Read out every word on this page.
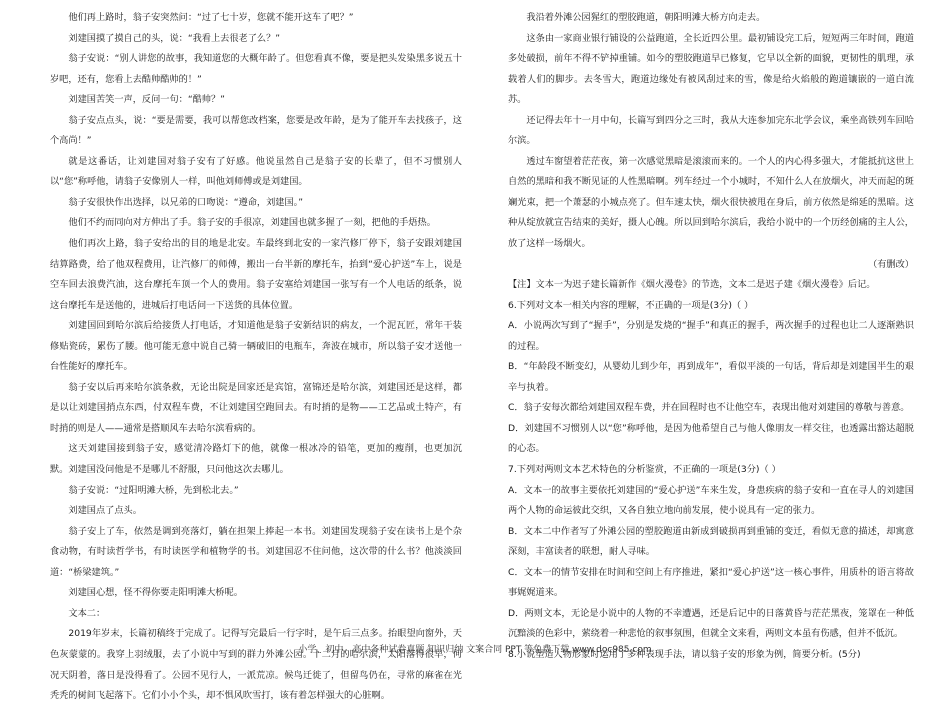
他们再上路时，翁子安突然问：“过了七十岁，您就不能开这车了吧？”

刘建国摸了摸自己的头，说：“我看上去很老了么？”

翁子安说：“别人讲您的故事，我知道您的大概年龄了。但您看真不像，要是把头发染黑多说五十岁吧，还有，您看上去酷帅酷帅的！”

刘建国苦笑一声，反问一句：“酷帅？”

翁子安点点头，说：“要是需要，我可以帮您改档案，您要是改年龄，是为了能开车去找孩子，这个高尚！”

就是这番话，让刘建国对翁子安有了好感。他说虽然自己是翁子安的长辈了，但不习惯别人以“您”称呼他，请翁子安像别人一样，叫他刘师傅或是刘建国。

翁子安很快作出选择，以兄弟的口吻说：“遵命，刘建国。”

他们不约而同向对方伸出了手。翁子安的手很凉，刘建国也就多握了一刻，把他的手焐热。

他们再次上路，翁子安给出的目的地是北安。车最终到北安的一家汽修厂停下，翁子安跟刘建国结算路费，给了他双程费用，让汽修厂的师傅，搬出一台半新的摩托车，抬到“爱心护送”车上，说是空车回去浪费汽油，这台摩托车顶一个人的费用。翁子安塞给刘建国一张写有一个人电话的纸条，说这台摩托车是送他的，进城后打电话问一下送货的具体位置。

刘建国回到哈尔滨后给接货人打电话，才知道他是翁子安新结识的病友，一个泥瓦匠，常年干装修贴瓷砖，累伤了腰。他可能无意中说自己骑一辆破旧的电瓶车，奔波在城市，所以翁子安才送他一台性能好的摩托车。

翁子安以后再来哈尔滨条救，无论出院是回家还是宾馆，富锦还是哈尔滨，刘建国还是这样，都是以让刘建国捎点东西，付双程车费，不让刘建国空跑回去。有时捎的是物——工艺品或土特产，有时捎的则是人——通常是搭顺风车去哈尔滨看病的。

这天刘建国接到翁子安，感觉清冷路灯下的他，就像一根冰冷的铅笔，更加的瘦削，也更加沉默。刘建国没问他是不是哪儿不舒服，只问他这次去哪儿。

翁子安说：“过阳明滩大桥，先到松北去。”

刘建国点了点头。

翁子安上了车，依然是调到亮落灯，躺在担架上捧起一本书。刘建国发现翁子安在读书上是个杂食动物，有时读哲学书，有时读医学和植物学的书。刘建国忍不住问他，这次带的什么书？他淡淡回道：“桥梁建筑。”

刘建国心想，怪不得你要走阳明滩大桥呢。

文本二：

2019年岁末，长篇初稿终于完成了。记得写完最后一行字时，是午后三点多。抬眼望向窗外，天色灰蒙蒙的。我穿上羽绒服，去了小说中写到的群力外滩公园。十二月的哈尔滨，太阳落得很早，何况天阴着，落日是没得看了。公园不见行人，一派荒凉。候鸟迁徙了，但留鸟仍在，寻常的麻雀在光秃秃的树间飞起落下。它们小小个头，却不惧风吹雪打，该有着怎样强大的心脏啊。

我沿着外滩公园猩红的塑胶跑道，朝阳明滩大桥方向走去。

这条由一家商业银行铺设的公益跑道，全长近四公里。最初铺设完工后，短短两三年时间，跑道多处破损，前年不得不铲掉重铺。如今的塑胶跑道早已修复，它早以全新的面貌，更韧性的肌理，承载着人们的脚步。去冬雪大，跑道边缘处有被风刮过来的雪，像是给火焰般的跑道镶嵌的一道白流苏。

还记得去年十一月中旬，长篇写到四分之三时，我从大连参加完东北学会议，乘坐高铁列车回哈尔滨。

透过车窗望着茫茫夜，第一次感觉黑暗是滚滚而来的。一个人的内心得多强大，才能抵抗这世上自然的黑暗和我不断见证的人性黑暗啊。列车经过一个小城时，不知什么人在放烟火，冲天而起的斑斓光束，把一个萧瑟的小城点亮了。但车速太快，烟火很快被甩在身后，前方依然是绵延的黑暗。这种从绽放就宣告结束的美好，摄人心魄。所以回到哈尔滨后，我给小说中的一个历经创痛的主人公，放了这样一场烟火。

（有删改）

【注】文本一为迟子建长篇新作《烟火漫卷》的节选，文本二是迟子建《烟火漫卷》后记。

6.下列对文本一相关内容的理解，不正确的一项是(3分)（ ）

A．小说两次写到了“握手”，分别是发烧的“握手”和真正的握手，两次握手的过程也让二人逐渐熟识的过程。

B．“年龄段不断变幻，从婴幼儿到少年，再到成年”，看似平淡的一句话，背后却是刘建国半生的艰辛与执着。

C．翁子安每次都给刘建国双程车费，并在回程时也不让他空车，表现出他对刘建国的尊敬与善意。

D．刘建国不习惯别人以“您”称呼他，是因为他希望自己与他人像朋友一样交往，也透露出豁达超脱的心态。

7.下列对两则文本艺术特色的分析鉴赏，不正确的一项是(3分)（ ）

A．文本一的故事主要依托刘建国的“爱心护送”车来生发，身患疾病的翁子安和一直在寻人的刘建国两个人物的命运彼此交织，又各自独立地向前发展，使小说具有一定的张力。

B．文本二中作者写了外滩公园的塑胶跑道由新成到破损再到重铺的变迁，看似无意的描述，却寓意深刻，丰富读者的联想，耐人寻味。

C．文本一的情节安排在时间和空间上有序推进，紧扣“爱心护送”这一核心事件，用质朴的语言将故事娓娓道来。

D．两则文本，无论是小说中的人物的不幸遭遇，还是后记中的日落黄昏与茫茫黑夜，笼罩在一种低沉黯淡的色彩中，萦绕着一种悲怆的叙事氛围，但就全文来看，两则文本虽有伤感，但并不低沉。

8.小说塑造人物形象时运用了多种表现手法，请以翁子安的形象为例，简要分析。(5分)

小学、初中、高中各种试卷真题 知识归纳 文案合同 PPT 等免费下载 www.doc985.com
